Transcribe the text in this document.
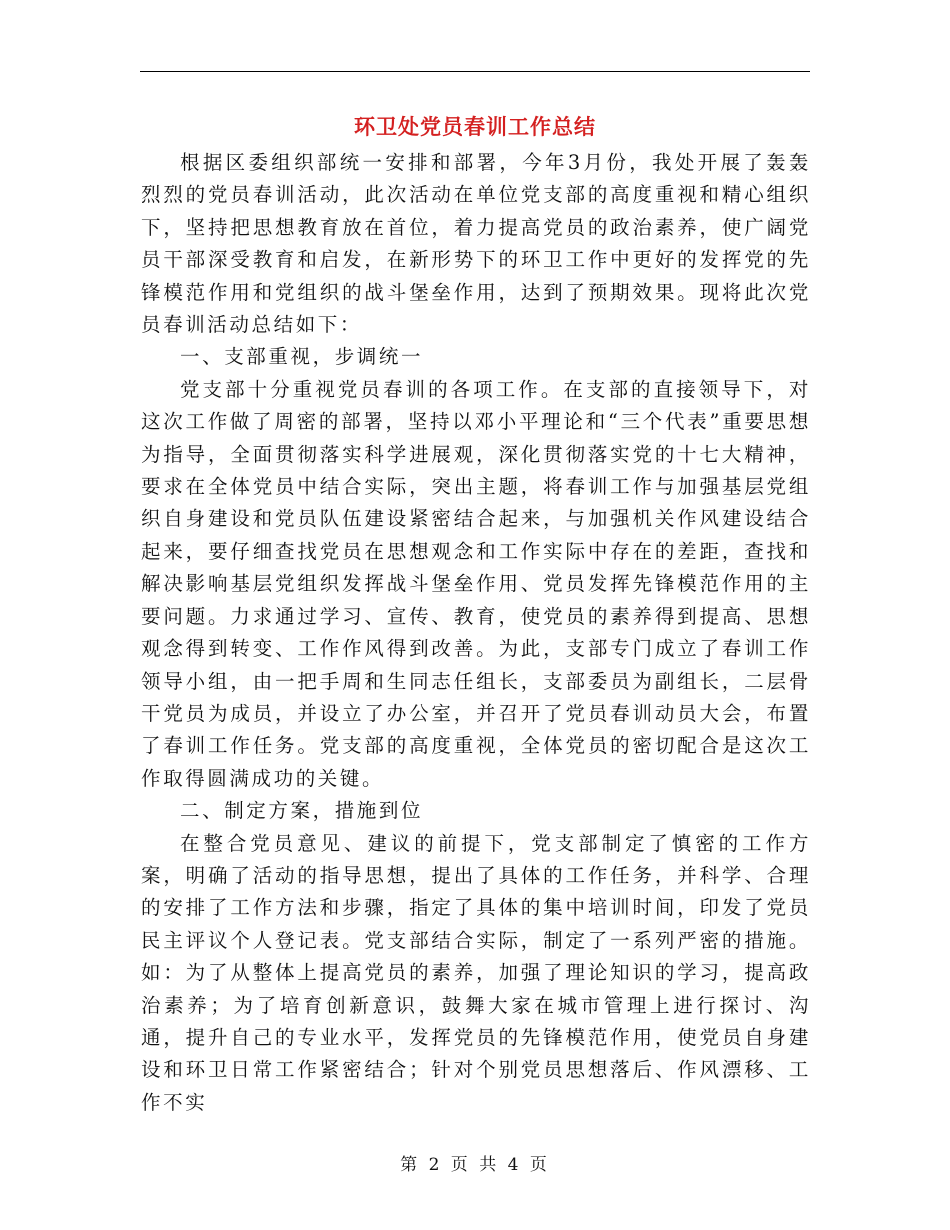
环卫处党员春训工作总结

根据区委组织部统一安排和部署，今年3月份，我处开展了轰轰烈烈的党员春训活动，此次活动在单位党支部的高度重视和精心组织下，坚持把思想教育放在首位，着力提高党员的政治素养，使广阔党员干部深受教育和启发，在新形势下的环卫工作中更好的发挥党的先锋模范作用和党组织的战斗堡垒作用，达到了预期效果。现将此次党员春训活动总结如下：

一、支部重视，步调统一

党支部十分重视党员春训的各项工作。在支部的直接领导下，对这次工作做了周密的部署，坚持以邓小平理论和“三个代表”重要思想为指导，全面贯彻落实科学进展观，深化贯彻落实党的十七大精神，要求在全体党员中结合实际，突出主题，将春训工作与加强基层党组织自身建设和党员队伍建设紧密结合起来，与加强机关作风建设结合起来，要仔细查找党员在思想观念和工作实际中存在的差距，查找和解决影响基层党组织发挥战斗堡垒作用、党员发挥先锋模范作用的主要问题。力求通过学习、宣传、教育，使党员的素养得到提高、思想观念得到转变、工作作风得到改善。为此，支部专门成立了春训工作领导小组，由一把手周和生同志任组长，支部委员为副组长，二层骨干党员为成员，并设立了办公室，并召开了党员春训动员大会，布置了春训工作任务。党支部的高度重视，全体党员的密切配合是这次工作取得圆满成功的关键。

二、制定方案，措施到位

在整合党员意见、建议的前提下，党支部制定了慎密的工作方案，明确了活动的指导思想，提出了具体的工作任务，并科学、合理的安排了工作方法和步骤，指定了具体的集中培训时间，印发了党员民主评议个人登记表。党支部结合实际，制定了一系列严密的措施。如：为了从整体上提高党员的素养，加强了理论知识的学习，提高政治素养；为了培育创新意识，鼓舞大家在城市管理上进行探讨、沟通，提升自己的专业水平，发挥党员的先锋模范作用，使党员自身建设和环卫日常工作紧密结合；针对个别党员思想落后、作风漂移、工作不实

第 2 页 共 4 页
